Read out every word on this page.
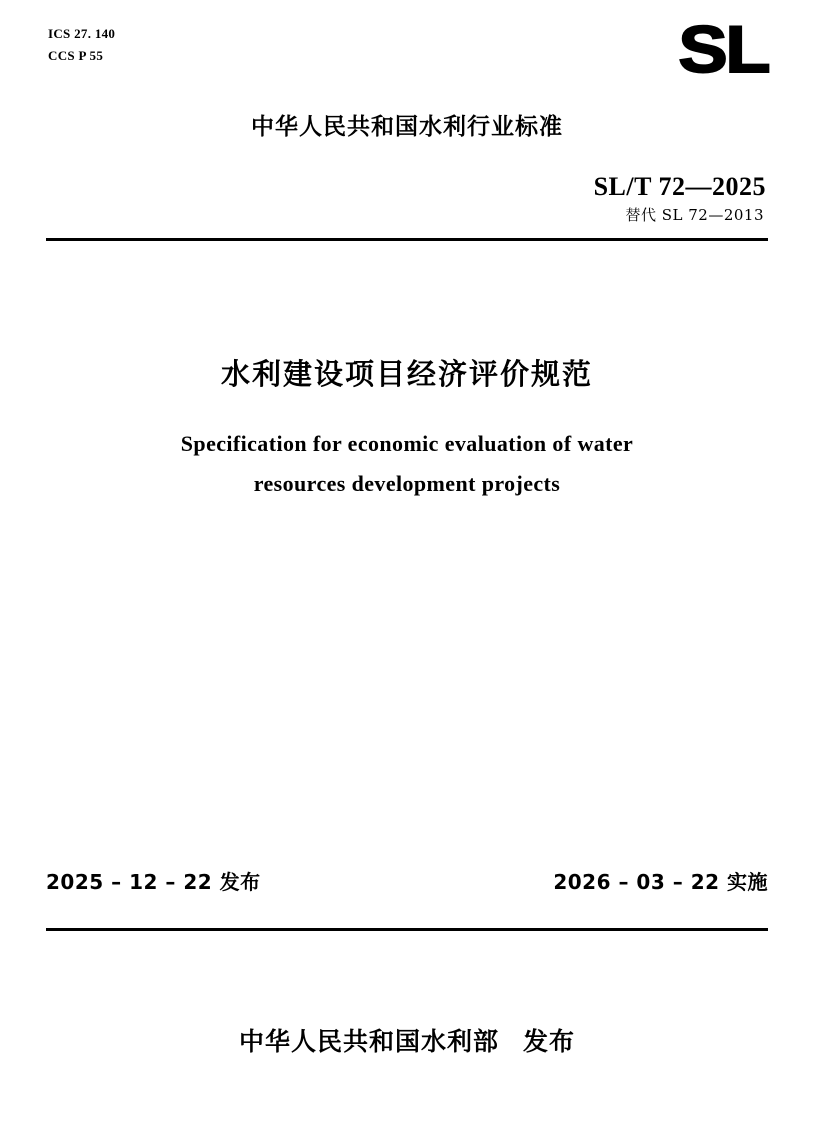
ICS 27. 140
CCS P 55	SL
中华人民共和国水利行业标准
SL/T 72—2025
替代 SL 72—2013
水利建设项目经济评价规范
Specification for economic evaluation of water
resources development projects
2025 – 12 – 22 发布	2026 – 03 – 22 实施
中华人民共和国水利部 发布
